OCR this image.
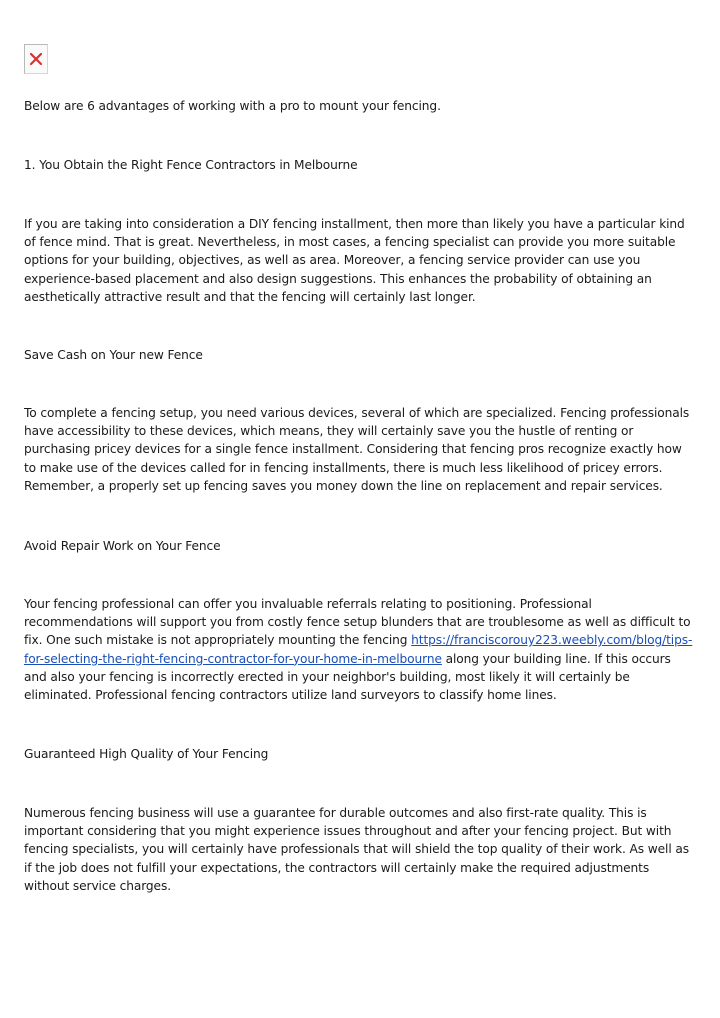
Below are 6 advantages of working with a pro to mount your fencing.

1. You Obtain the Right Fence Contractors in Melbourne

If you are taking into consideration a DIY fencing installment, then more than likely you have a particular kind of fence mind. That is great. Nevertheless, in most cases, a fencing specialist can provide you more suitable options for your building, objectives, as well as area. Moreover, a fencing service provider can use you experience-based placement and also design suggestions. This enhances the probability of obtaining an aesthetically attractive result and that the fencing will certainly last longer.

Save Cash on Your new Fence

To complete a fencing setup, you need various devices, several of which are specialized. Fencing professionals have accessibility to these devices, which means, they will certainly save you the hustle of renting or purchasing pricey devices for a single fence installment. Considering that fencing pros recognize exactly how to make use of the devices called for in fencing installments, there is much less likelihood of pricey errors. Remember, a properly set up fencing saves you money down the line on replacement and repair services.

Avoid Repair Work on Your Fence

Your fencing professional can offer you invaluable referrals relating to positioning. Professional recommendations will support you from costly fence setup blunders that are troublesome as well as difficult to fix. One such mistake is not appropriately mounting the fencing https://franciscorouy223.weebly.com/blog/tips-for-selecting-the-right-fencing-contractor-for-your-home-in-melbourne along your building line. If this occurs and also your fencing is incorrectly erected in your neighbor's building, most likely it will certainly be eliminated. Professional fencing contractors utilize land surveyors to classify home lines.

Guaranteed High Quality of Your Fencing

Numerous fencing business will use a guarantee for durable outcomes and also first-rate quality. This is important considering that you might experience issues throughout and after your fencing project. But with fencing specialists, you will certainly have professionals that will shield the top quality of their work. As well as if the job does not fulfill your expectations, the contractors will certainly make the required adjustments without service charges.
